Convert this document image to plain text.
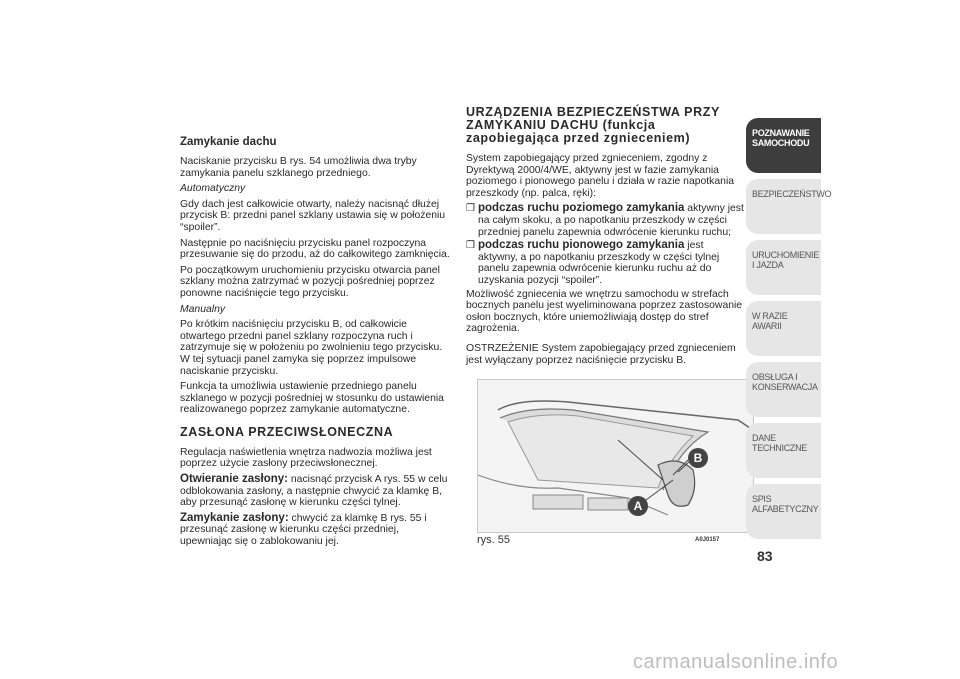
Zamykanie dachu

Naciskanie przycisku B rys. 54 umożliwia dwa tryby zamykania panelu szklanego przedniego.

Automatyczny

Gdy dach jest całkowicie otwarty, należy nacisnąć dłużej przycisk B: przedni panel szklany ustawia się w położeniu “spoiler”.

Następnie po naciśnięciu przycisku panel rozpoczyna przesuwanie się do przodu, aż do całkowitego zamknięcia.

Po początkowym uruchomieniu przycisku otwarcia panel szklany można zatrzymać w pozycji pośredniej poprzez ponowne naciśnięcie tego przycisku.

Manualny

Po krótkim naciśnięciu przycisku B, od całkowicie otwartego przedni panel szklany rozpoczyna ruch i zatrzymuje się w położeniu po zwolnieniu tego przycisku. W tej sytuacji panel zamyka się poprzez impulsowe naciskanie przycisku.

Funkcja ta umożliwia ustawienie przedniego panelu szklanego w pozycji pośredniej w stosunku do ustawienia realizowanego poprzez zamykanie automatyczne.

ZASŁONA PRZECIWSŁONECZNA

Regulacja naświetlenia wnętrza nadwozia możliwa jest poprzez użycie zasłony przeciwsłonecznej.

Otwieranie zasłony: nacisnąć przycisk A rys. 55 w celu odblokowania zasłony, a następnie chwycić za klamkę B, aby przesunąć zasłonę w kierunku części tylnej.

Zamykanie zasłony: chwycić za klamkę B rys. 55 i przesunąć zasłonę w kierunku części przedniej, upewniając się o zablokowaniu jej.

URZĄDZENIA BEZPIECZEŃSTWA PRZY ZAMYKANIU DACHU (funkcja zapobiegająca przed zgnieceniem)

System zapobiegający przed zgnieceniem, zgodny z Dyrektywą 2000/4/WE, aktywny jest w fazie zamykania poziomego i pionowego panelu i działa w razie napotkania przeszkody (np. palca, ręki):

❒ podczas ruchu poziomego zamykania aktywny jest na całym skoku, a po napotkaniu przeszkody w części przedniej panelu zapewnia odwrócenie kierunku ruchu;
❒ podczas ruchu pionowego zamykania jest aktywny, a po napotkaniu przeszkody w części tylnej panelu zapewnia odwrócenie kierunku ruchu aż do uzyskania pozycji “spoiler”.

Możliwość zgniecenia we wnętrzu samochodu w strefach bocznych panelu jest wyeliminowana poprzez zastosowanie osłon bocznych, które uniemożliwiają dostęp do stref zagrożenia.

OSTRZEŻENIE System zapobiegający przed zgnieceniem jest wyłączany poprzez naciśnięcie przycisku B.

B
A
rys. 55	A0J0157
POZNAWANIE SAMOCHODU
BEZPIECZEŃSTWO
URUCHOMIENIE I JAZDA
W RAZIE AWARII
OBSŁUGA I KONSERWACJA
DANE TECHNICZNE
SPIS ALFABETYCZNY
83
carmanualsonline.info
